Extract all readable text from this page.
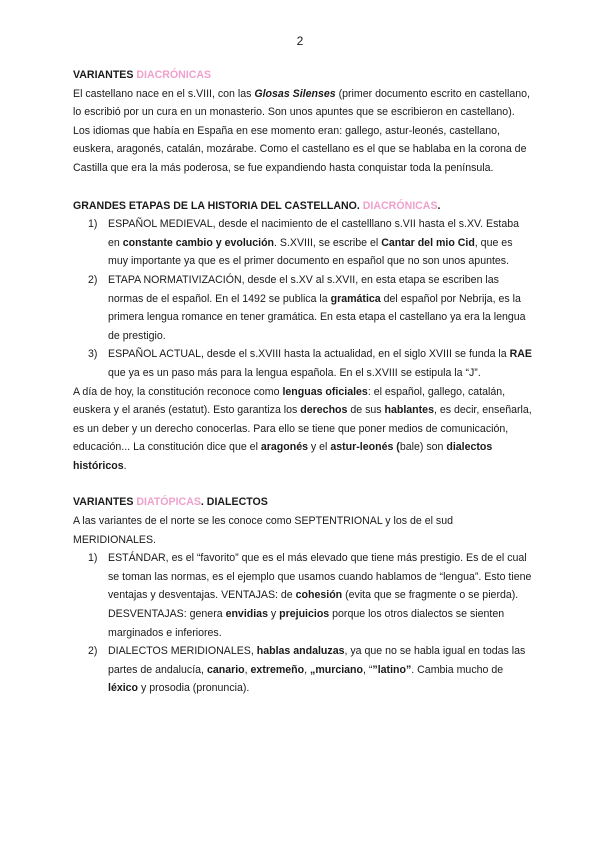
2
VARIANTES DIACRÓNICAS

El castellano nace en el s.VIII, con las Glosas Silenses (primer documento escrito en castellano, lo escribió por un cura en un monasterio. Son unos apuntes que se escribieron en castellano).

Los idiomas que había en España en ese momento eran: gallego, astur-leonés, castellano, euskera, aragonés, catalán, mozárabe. Como el castellano es el que se hablaba en la corona de Castilla que era la más poderosa, se fue expandiendo hasta conquistar toda la península.

GRANDES ETAPAS DE LA HISTORIA DEL CASTELLANO. DIACRÓNICAS.
1) ESPAÑOL MEDIEVAL, desde el nacimiento de el castelllano s.VII hasta el s.XV. Estaba en constante cambio y evolución. S.XVIII, se escribe el Cantar del mio Cid, que es muy importante ya que es el primer documento en español que no son unos apuntes.
2) ETAPA NORMATIVIZACIÓN, desde el s.XV al s.XVII, en esta etapa se escriben las normas de el español. En el 1492 se publica la gramática del español por Nebrija, es la primera lengua romance en tener gramática. En esta etapa el castellano ya era la lengua de prestigio.
3) ESPAÑOL ACTUAL, desde el s.XVIII hasta la actualidad, en el siglo XVIII se funda la RAE que ya es un paso más para la lengua española. En el s.XVIII se estipula la “J”.

A día de hoy, la constitución reconoce como lenguas oficiales: el español, gallego, catalán, euskera y el aranés (estatut). Esto garantiza los derechos de sus hablantes, es decir, enseñarla, es un deber y un derecho conocerlas. Para ello se tiene que poner medios de comunicación, educación... La constitución dice que el aragonés y el astur-leonés (bale) son dialectos históricos.

VARIANTES DIATÓPICAS. DIALECTOS

A las variantes de el norte se les conoce como SEPTENTRIONAL y los de el sud MERIDIONALES.

1) ESTÁNDAR, es el “favorito” que es el más elevado que tiene más prestigio. Es de el cual se toman las normas, es el ejemplo que usamos cuando hablamos de “lengua”. Esto tiene ventajas y desventajas. VENTAJAS: de cohesión (evita que se fragmente o se pierda). DESVENTAJAS: genera envidias y prejuicios porque los otros dialectos se sienten marginados e inferiores.
2) DIALECTOS MERIDIONALES, hablas andaluzas, ya que no se habla igual en todas las partes de andalucía, canario, extremeño, „murciano, “”latino”. Cambia mucho de léxico y prosodia (pronuncia).
